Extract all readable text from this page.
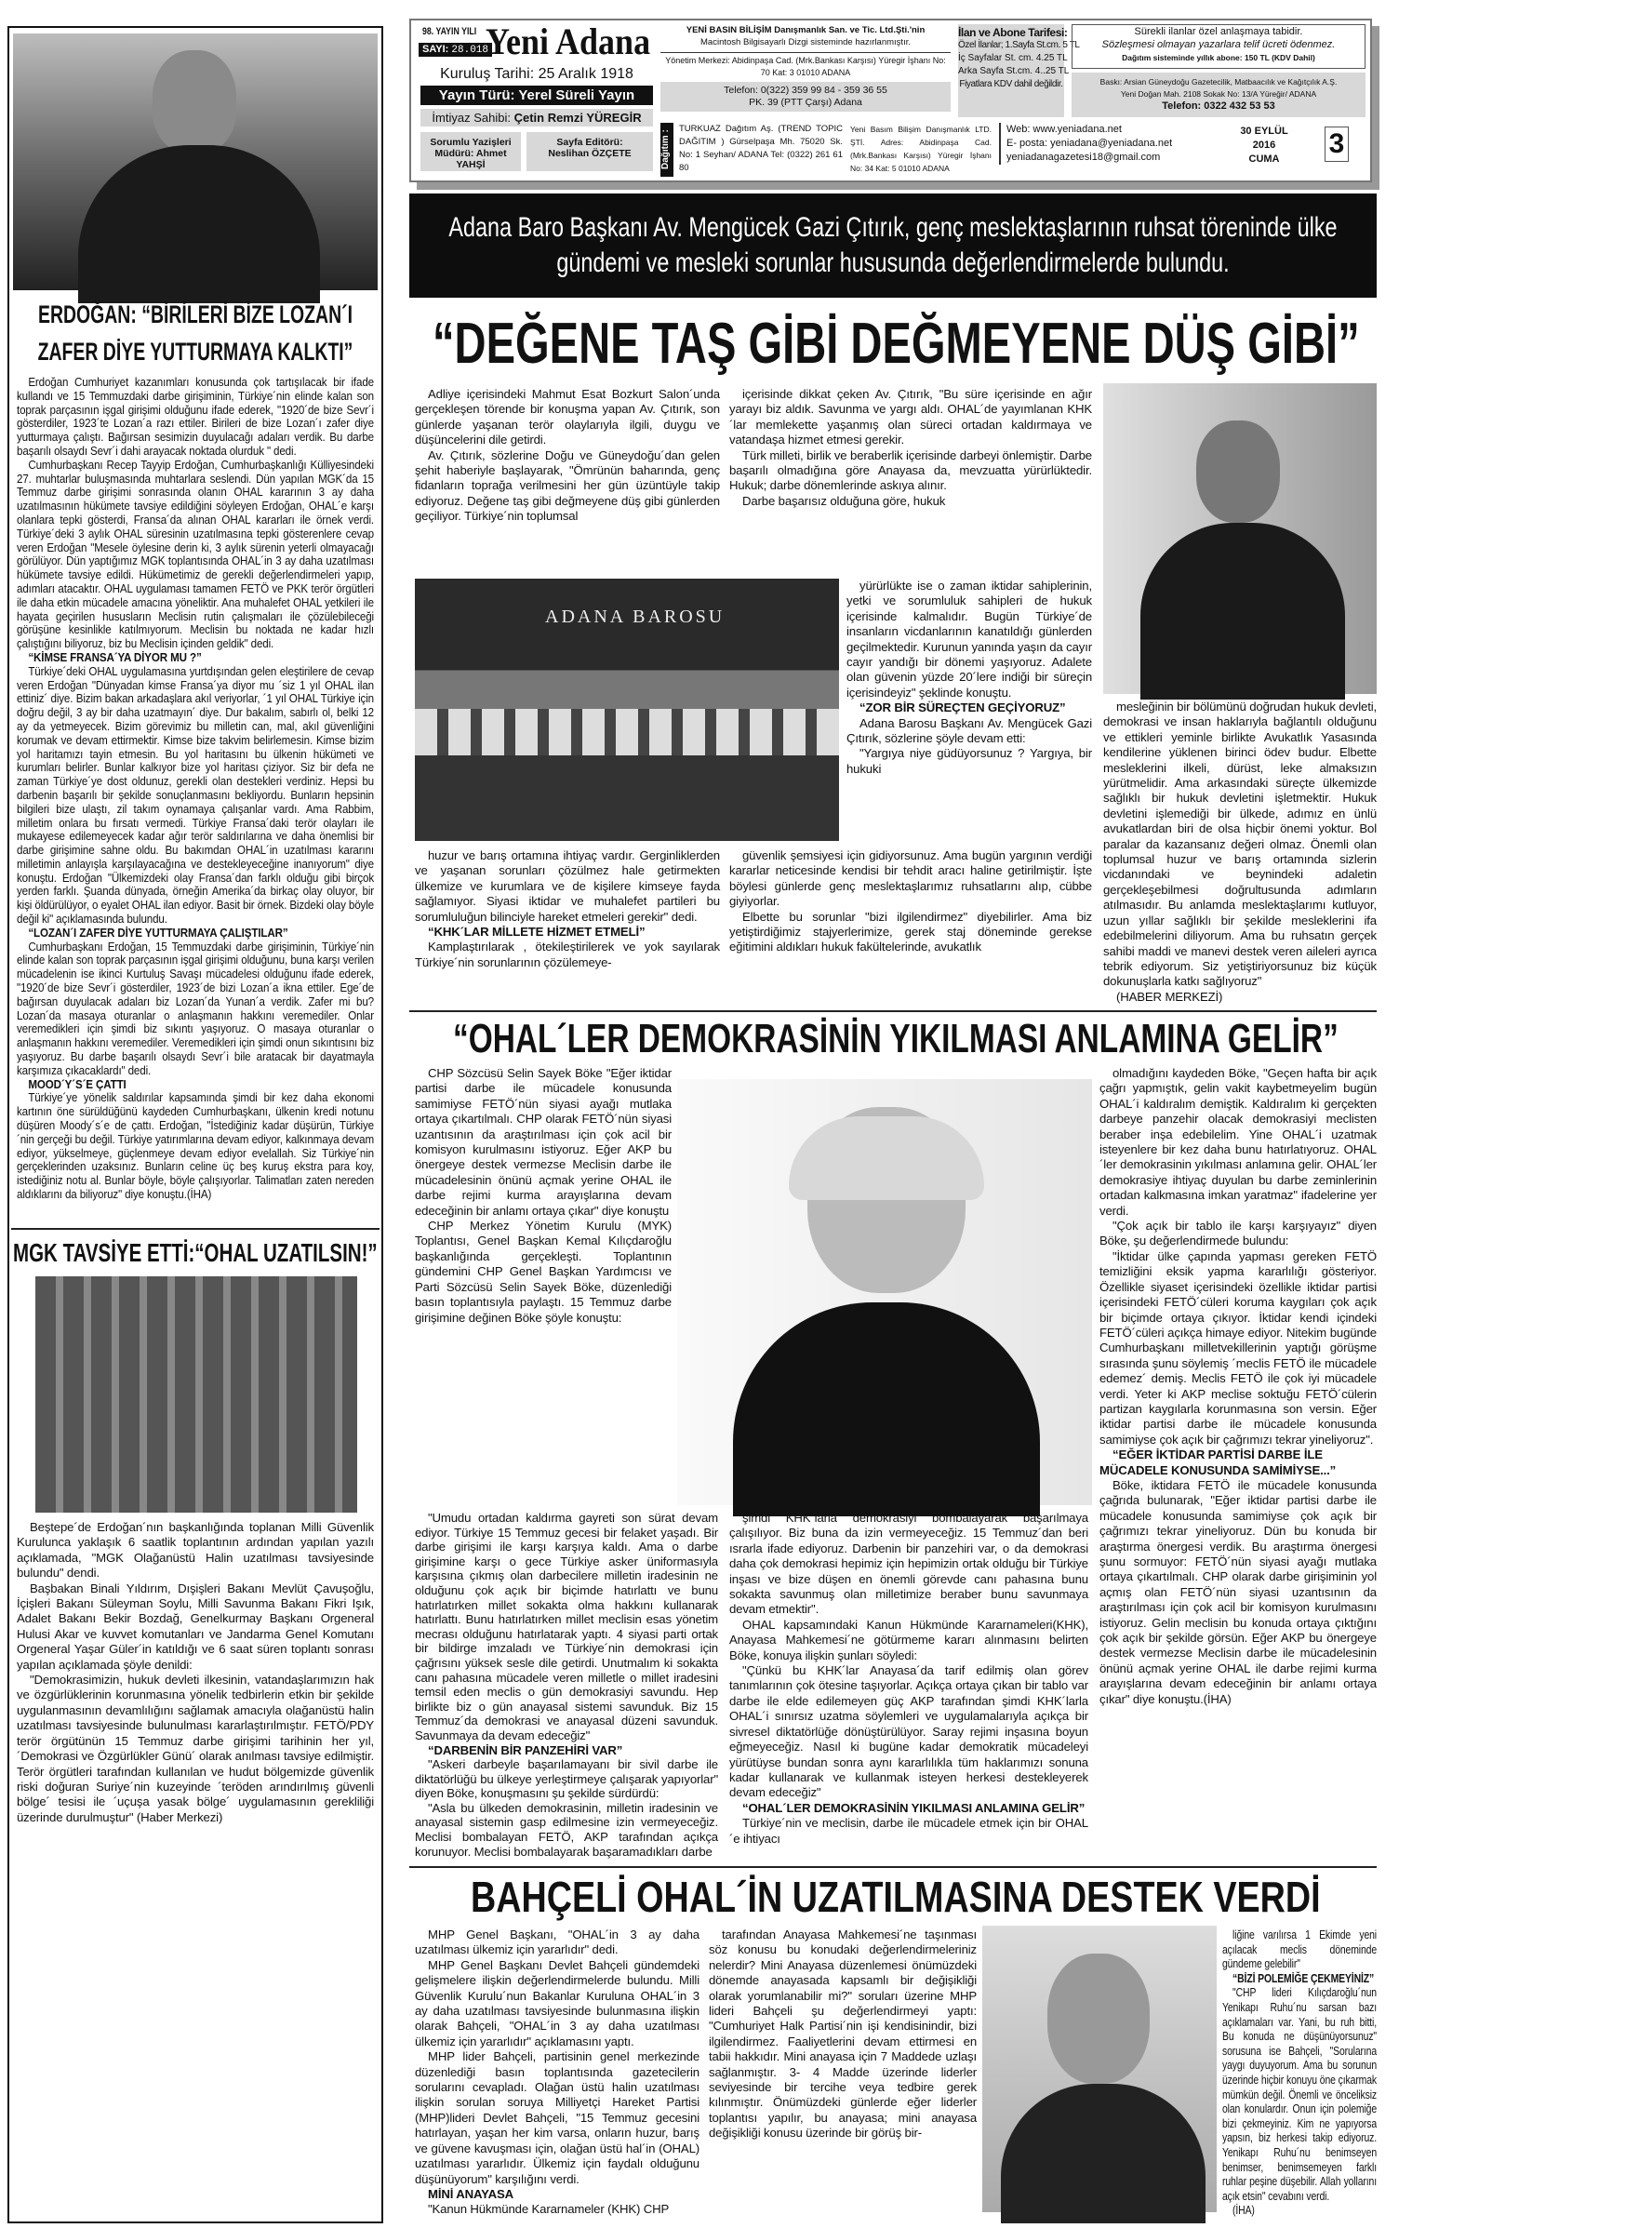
ERDOĞAN: “BİRİLERİ BİZE LOZAN´I ZAFER DİYE YUTTURMAYA KALKTI”

Erdoğan Cumhuriyet kazanımları konusunda çok tartışılacak bir ifade kullandı ve 15 Temmuzdaki darbe girişiminin, Türkiye´nin elinde kalan son toprak parçasının işgal girişimi olduğunu ifade ederek, "1920´de bize Sevr´i gösterdiler, 1923´te Lozan´a razı ettiler. Birileri de bize Lozan´ı zafer diye yutturmaya çalıştı. Bağırsan sesimizin duyulacağı adaları verdik. Bu darbe başarılı olsaydı Sevr´i dahi arayacak noktada olurduk " dedi.

Cumhurbaşkanı Recep Tayyip Erdoğan, Cumhurbaşkanlığı Külliyesindeki 27. muhtarlar buluşmasında muhtarlara seslendi. Dün yapılan MGK´da 15 Temmuz darbe girişimi sonrasında olanın OHAL kararının 3 ay daha uzatılmasının hükümete tavsiye edildiğini söyleyen Erdoğan, OHAL´e karşı olanlara tepki gösterdi, Fransa´da alınan OHAL kararları ile örnek verdi. Türkiye´deki 3 aylık OHAL süresinin uzatılmasına tepki gösterenlere cevap veren Erdoğan "Mesele öylesine derin ki, 3 aylık sürenin yeterli olmayacağı görülüyor. Dün yaptığımız MGK toplantısında OHAL´in 3 ay daha uzatılması hükümete tavsiye edildi. Hükümetimiz de gerekli değerlendirmeleri yapıp, adımları atacaktır. OHAL uygulaması tamamen FETÖ ve PKK terör örgütleri ile daha etkin mücadele amacına yöneliktir. Ana muhalefet OHAL yetkileri ile hayata geçirilen hususların Meclisin rutin çalışmaları ile çözülebileceği görüşüne kesinlikle katılmıyorum. Meclisin bu noktada ne kadar hızlı çalıştığını biliyoruz, biz bu Meclisin içinden geldik" dedi.

“KİMSE FRANSA´YA DİYOR MU ?”

Türkiye´deki OHAL uygulamasına yurtdışından gelen eleştirilere de cevap veren Erdoğan "Dünyadan kimse Fransa´ya diyor mu ´siz 1 yıl OHAL ilan ettiniz´ diye. Bizim bakan arkadaşlara akıl veriyorlar, ´1 yıl OHAL Türkiye için doğru değil, 3 ay bir daha uzatmayın´ diye. Dur bakalım, sabırlı ol, belki 12 ay da yetmeyecek. Bizim görevimiz bu milletin can, mal, akıl güvenliğini korumak ve devam ettirmektir. Kimse bize takvim belirlemesin. Kimse bizim yol haritamızı tayin etmesin. Bu yol haritasını bu ülkenin hükümeti ve kurumları belirler. Bunlar kalkıyor bize yol haritası çiziyor. Siz bir defa ne zaman Türkiye´ye dost oldunuz, gerekli olan destekleri verdiniz. Hepsi bu darbenin başarılı bir şekilde sonuçlanmasını bekliyordu. Bunların hepsinin bilgileri bize ulaştı, zil takım oynamaya çalışanlar vardı. Ama Rabbim, milletim onlara bu fırsatı vermedi. Türkiye Fransa´daki terör olayları ile mukayese edilemeyecek kadar ağır terör saldırılarına ve daha önemlisi bir darbe girişimine sahne oldu. Bu bakımdan OHAL´in uzatılması kararını milletimin anlayışla karşılayacağına ve destekleyeceğine inanıyorum" diye konuştu. Erdoğan "Ülkemizdeki olay Fransa´dan farklı olduğu gibi birçok yerden farklı. Şuanda dünyada, örneğin Amerika´da birkaç olay oluyor, bir kişi öldürülüyor, o eyalet OHAL ilan ediyor. Basit bir örnek. Bizdeki olay böyle değil ki" açıklamasında bulundu.

“LOZAN´I ZAFER DİYE YUTTURMAYA ÇALIŞTILAR”

Cumhurbaşkanı Erdoğan, 15 Temmuzdaki darbe girişiminin, Türkiye´nin elinde kalan son toprak parçasının işgal girişimi olduğunu, buna karşı verilen mücadelenin ise ikinci Kurtuluş Savaşı mücadelesi olduğunu ifade ederek, "1920´de bize Sevr´i gösterdiler, 1923´de bizi Lozan´a ikna ettiler. Ege´de bağırsan duyulacak adaları biz Lozan´da Yunan´a verdik. Zafer mi bu? Lozan´da masaya oturanlar o anlaşmanın hakkını veremediler. Onlar veremedikleri için şimdi biz sıkıntı yaşıyoruz. O masaya oturanlar o anlaşmanın hakkını veremediler. Veremedikleri için şimdi onun sıkıntısını biz yaşıyoruz. Bu darbe başarılı olsaydı Sevr´i bile aratacak bir dayatmayla karşımıza çıkacaklardı" dedi.

MOOD´Y´S´E ÇATTI

Türkiye´ye yönelik saldırılar kapsamında şimdi bir kez daha ekonomi kartının öne sürüldüğünü kaydeden Cumhurbaşkanı, ülkenin kredi notunu düşüren Moody´s´e de çattı. Erdoğan, "İstediğiniz kadar düşürün, Türkiye´nin gerçeği bu değil. Türkiye yatırımlarına devam ediyor, kalkınmaya devam ediyor, yükselmeye, güçlenmeye devam ediyor evelallah. Siz Türkiye´nin gerçeklerinden uzaksınız. Bunların celine üç beş kuruş ekstra para koy, istediğiniz notu al. Bunlar böyle, böyle çalışıyorlar. Talimatları zaten nereden aldıklarını da biliyoruz" diye konuştu.(İHA)

MGK TAVSİYE ETTİ:“OHAL UZATILSIN!”

Beştepe´de Erdoğan´nın başkanlığında toplanan Milli Güvenlik Kurulunca yaklaşık 6 saatlik toplantının ardından yapılan yazılı açıklamada, "MGK Olağanüstü Halin uzatılması tavsiyesinde bulundu" dendi.

Başbakan Binali Yıldırım, Dışişleri Bakanı Mevlüt Çavuşoğlu, İçişleri Bakanı Süleyman Soylu, Milli Savunma Bakanı Fikri Işık, Adalet Bakanı Bekir Bozdağ, Genelkurmay Başkanı Orgeneral Hulusi Akar ve kuvvet komutanları ve Jandarma Genel Komutanı Orgeneral Yaşar Güler´in katıldığı ve 6 saat süren toplantı sonrası yapılan açıklamada şöyle denildi:

"Demokrasimizin, hukuk devleti ilkesinin, vatandaşlarımızın hak ve özgürlüklerinin korunmasına yönelik tedbirlerin etkin bir şekilde uygulanmasının devamlılığını sağlamak amacıyla olağanüstü halin uzatılması tavsiyesinde bulunulması kararlaştırılmıştır. FETÖ/PDY terör örgütünün 15 Temmuz darbe girişimi tarihinin her yıl, ´Demokrasi ve Özgürlükler Günü´ olarak anılması tavsiye edilmiştir. Terör örgütleri tarafından kullanılan ve hudut bölgemizde güvenlik riski doğuran Suriye´nin kuzeyinde ´teröden arındırılmış güvenli bölge´ tesisi ile ´uçuşa yasak bölge´ uygulamasının gerekliliği üzerinde durulmuştur" (Haber Merkezi)

98. YAYIN YILI
SAYI: 28.018
Yeni Adana
Kuruluş Tarihi: 25 Aralık 1918
Yayın Türü: Yerel Süreli Yayın
İmtiyaz Sahibi: Çetin Remzi YÜREGİR
Sorumlu Yazişleri Müdürü: Ahmet YAHŞİ
Sayfa Editörü: Neslihan ÖZÇETE
YENİ BASIN BİLİŞİM Danışmanlık San. ve Tic. Ltd.Şti.'nin
Macintosh Bilgisayarlı Dizgi sisteminde hazırlanmıştır.
Yönetim Merkezi: Abidinpaşa Cad. (Mrk.Bankası Karşısı) Yüregir İşhanı No: 70 Kat: 3 01010 ADANA
Telefon: 0(322) 359 99 84 - 359 36 55
PK. 39 (PTT Çarşı) Adana
Dağıtım :
TURKUAZ Dağıtım Aş. (TREND TOPIC DAĞITIM ) Gürselpaşa Mh. 75020 Sk. No: 1 Seyhan/ ADANA Tel: (0322) 261 61 80
Yeni Basım Bilişim Danışmanlık LTD. ŞTİ. Adres: Abidinpaşa Cad. (Mrk.Bankası Karşısı) Yüregir İşhanı No: 34 Kat: 5 01010 ADANA
İlan ve Abone Tarifesi:
Özel İlanlar; 1.Sayfa St.cm. 5 TL
İç Sayfalar St. cm. 4.25 TL
Arka Sayfa St.cm. 4..25 TL
Fiyatlara KDV dahil değildir.
Sürekli ilanlar özel anlaşmaya tabidir.
Sözleşmesi olmayan yazarlara telif ücreti ödenmez.
Dağıtım sisteminde yıllık abone: 150 TL (KDV Dahil)
Baskı: Arsian Güneydoğu Gazetecilik, Matbaacılık ve Kağıtçılık A.Ş.
Yeni Doğan Mah. 2108 Sokak No: 13/A Yüreğir/ ADANA
Telefon: 0322 432 53 53
Web: www.yeniadana.net
E- posta: yeniadana@yeniadana.net
yeniadanagazetesi18@gmail.com
30 EYLÜL
2016
CUMA	3
Adana Baro Başkanı Av. Mengücek Gazi Çıtırık, genç meslektaşlarının ruhsat töreninde ülke gündemi ve mesleki sorunlar hususunda değerlendirmelerde bulundu.
“DEĞENE TAŞ GİBİ DEĞMEYENE DÜŞ GİBİ”

Adliye içerisindeki Mahmut Esat Bozkurt Salon´unda gerçekleşen törende bir konuşma yapan Av. Çıtırık, son günlerde yaşanan terör olaylarıyla ilgili, duygu ve düşüncelerini dile getirdi.

Av. Çıtırık, sözlerine Doğu ve Güneydoğu´dan gelen şehit haberiyle başlayarak, "Ömrünün baharında, genç fidanların toprağa verilmesini her gün üzüntüyle takip ediyoruz. Değene taş gibi değmeyene düş gibi günlerden geçiliyor. Türkiye´nin toplumsal

içerisinde dikkat çeken Av. Çıtırık, "Bu süre içerisinde en ağır yarayı biz aldık. Savunma ve yargı aldı. OHAL´de yayımlanan KHK´lar memlekette yaşanmış olan süreci ortadan kaldırmaya ve vatandaşa hizmet etmesi gerekir.

Türk milleti, birlik ve beraberlik içerisinde darbeyi önlemiştir. Darbe başarılı olmadığına göre Anayasa da, mevzuatta yürürlüktedir. Hukuk; darbe dönemlerinde askıya alınır.

Darbe başarısız olduğuna göre, hukuk

yürürlükte ise o zaman iktidar sahiplerinin, yetki ve sorumluluk sahipleri de hukuk içerisinde kalmalıdır. Bugün Türkiye´de insanların vicdanlarının kanatıldığı günlerden geçilmektedir. Kurunun yanında yaşın da cayır cayır yandığı bir dönemi yaşıyoruz. Adalete olan güvenin yüzde 20´lere indiği bir süreçin içerisindeyiz" şeklinde konuştu.

“ZOR BİR SÜREÇTEN GEÇİYORUZ”

Adana Barosu Başkanı Av. Mengücek Gazi Çıtırık, sözlerine şöyle devam etti:

"Yargıya niye güdüyorsunuz ? Yargıya, bir hukuki

ADANA BAROSU

huzur ve barış ortamına ihtiyaç vardır. Gerginliklerden ve yaşanan sorunları çözülmez hale getirmekten ülkemize ve kurumlara ve de kişilere kimseye fayda sağlamıyor. Siyasi iktidar ve muhalefet partileri bu sorumluluğun bilinciyle hareket etmeleri gerekir" dedi.

“KHK´LAR MİLLETE HİZMET ETMELİ”

Kamplaştırılarak , ötekileştirilerek ve yok sayılarak Türkiye´nin sorunlarının çözülemeye-

güvenlik şemsiyesi için gidiyorsunuz. Ama bugün yargının verdiği kararlar neticesinde kendisi bir tehdit aracı haline getirilmiştir. İşte böylesi günlerde genç meslektaşlarımız ruhsatlarını alıp, cübbe giyiyorlar.

Elbette bu sorunlar "bizi ilgilendirmez" diyebilirler. Ama biz yetiştirdiğimiz stajyerlerimize, gerek staj döneminde gerekse eğitimini aldıkları hukuk fakültelerinde, avukatlık

mesleğinin bir bölümünü doğrudan hukuk devleti, demokrasi ve insan haklarıyla bağlantılı olduğunu ve ettikleri yeminle birlikte Avukatlık Yasasında kendilerine yüklenen birinci ödev budur. Elbette mesleklerini ilkeli, dürüst, leke almaksızın yürütmelidir. Ama arkasındaki süreçte ülkemizde sağlıklı bir hukuk devletini işletmektir. Hukuk devletini işlemediği bir ülkede, adımız en ünlü avukatlardan biri de olsa hiçbir önemi yoktur. Bol paralar da kazansanız değeri olmaz. Önemli olan toplumsal huzur ve barış ortamında sizlerin vicdanındaki ve beynindeki adaletin gerçekleşebilmesi doğrultusunda adımların atılmasıdır. Bu anlamda meslektaşlarımı kutluyor, uzun yıllar sağlıklı bir şekilde mesleklerini ifa edebilmelerini diliyorum. Ama bu ruhsatın gerçek sahibi maddi ve manevi destek veren aileleri ayrıca tebrik ediyorum. Siz yetiştiriyorsunuz biz küçük dokunuşlarla katkı sağlıyoruz"

(HABER MERKEZİ)

“OHAL´LER DEMOKRASİNİN YIKILMASI ANLAMINA GELİR”

CHP Sözcüsü Selin Sayek Böke "Eğer iktidar partisi darbe ile mücadele konusunda samimiyse FETÖ´nün siyasi ayağı mutlaka ortaya çıkartılmalı. CHP olarak FETÖ´nün siyasi uzantısının da araştırılması için çok acil bir komisyon kurulmasını istiyoruz. Eğer AKP bu önergeye destek vermezse Meclisin darbe ile mücadelesinin önünü açmak yerine OHAL ile darbe rejimi kurma arayışlarına devam edeceğinin bir anlamı ortaya çıkar" diye konuştu

CHP Merkez Yönetim Kurulu (MYK) Toplantısı, Genel Başkan Kemal Kılıçdaroğlu başkanlığında gerçekleşti. Toplantının gündemini CHP Genel Başkan Yardımcısı ve Parti Sözcüsü Selin Sayek Böke, düzenlediği basın toplantısıyla paylaştı. 15 Temmuz darbe girişimine değinen Böke şöyle konuştu:

"Umudu ortadan kaldırma gayreti son sürat devam ediyor. Türkiye 15 Temmuz gecesi bir felaket yaşadı. Bir darbe girişimi ile karşı karşıya kaldı. Ama o darbe girişimine karşı o gece Türkiye asker üniformasıyla karşısına çıkmış olan darbecilere milletin iradesinin ne olduğunu çok açık bir biçimde hatırlattı ve bunu hatırlatırken millet sokakta olma hakkını kullanarak hatırlattı. Bunu hatırlatırken millet meclisin esas yönetim mecrası olduğunu hatırlatarak yaptı. 4 siyasi parti ortak bir bildirge imzaladı ve Türkiye´nin demokrasi için çağrısını yüksek sesle dile getirdi. Unutmalım ki sokakta canı pahasına mücadele veren milletle o millet iradesini temsil eden meclis o gün demokrasiyi savundu. Hep birlikte biz o gün anayasal sistemi savunduk. Biz 15 Temmuz´da demokrasi ve anayasal düzeni savunduk. Savunmaya da devam edeceğiz"

“DARBENİN BİR PANZEHİRİ VAR”

"Askeri darbeyle başarılamayanı bir sivil darbe ile diktatörlüğü bu ülkeye yerleştirmeye çalışarak yapıyorlar" diyen Böke, konuşmasını şu şekilde sürdürdü:

"Asla bu ülkeden demokrasinin, milletin iradesinin ve anayasal sistemin gasp edilmesine izin vermeyeceğiz. Meclisi bombalayan FETÖ, AKP tarafından açıkça korunuyor. Meclisi bombalayarak başaramadıkları darbe

şimdi KHK´larla demokrasiyi bombalayarak başarılmaya çalışılıyor. Biz buna da izin vermeyeceğiz. 15 Temmuz´dan beri ısrarla ifade ediyoruz. Darbenin bir panzehiri var, o da demokrasi daha çok demokrasi hepimiz için hepimizin ortak olduğu bir Türkiye inşası ve bize düşen en önemli görevde canı pahasına bunu sokakta savunmuş olan milletimize beraber bunu savunmaya devam etmektir".

OHAL kapsamındaki Kanun Hükmünde Kararnameleri(KHK), Anayasa Mahkemesi´ne götürmeme kararı alınmasını belirten Böke, konuya ilişkin şunları söyledi:

"Çünkü bu KHK´lar Anayasa´da tarif edilmiş olan görev tanımlarının çok ötesine taşıyorlar. Açıkça ortaya çıkan bir tablo var darbe ile elde edilemeyen güç AKP tarafından şimdi KHK´larla OHAL´i sınırsız uzatma söylemleri ve uygulamalarıyla açıkça bir sivresel diktatörlüğe dönüştürülüyor. Saray rejimi inşasına boyun eğmeyeceğiz. Nasıl ki bugüne kadar demokratik mücadeleyi yürütüyse bundan sonra aynı kararlılıkla tüm haklarımızı sonuna kadar kullanarak ve kullanmak isteyen herkesi destekleyerek devam edeceğiz"

“OHAL´LER DEMOKRASİNİN YIKILMASI ANLAMINA GELİR”

Türkiye´nin ve meclisin, darbe ile mücadele etmek için bir OHAL´e ihtiyacı

olmadığını kaydeden Böke, "Geçen hafta bir açık çağrı yapmıştık, gelin vakit kaybetmeyelim bugün OHAL´i kaldıralım demiştik. Kaldıralım ki gerçekten darbeye panzehir olacak demokrasiyi meclisten beraber inşa edebilelim. Yine OHAL´i uzatmak isteyenlere bir kez daha bunu hatırlatıyoruz. OHAL´ler demokrasinin yıkılması anlamına gelir. OHAL´ler demokrasiye ihtiyaç duyulan bu darbe zeminlerinin ortadan kalkmasına imkan yaratmaz" ifadelerine yer verdi.

"Çok açık bir tablo ile karşı karşıyayız" diyen Böke, şu değerlendirmede bulundu:

"İktidar ülke çapında yapması gereken FETÖ temizliğini eksik yapma kararlılığı gösteriyor. Özellikle siyaset içerisindeki özellikle iktidar partisi içerisindeki FETÖ´cüleri koruma kaygıları çok açık bir biçimde ortaya çıkıyor. İktidar kendi içindeki FETÖ´cüleri açıkça himaye ediyor. Nitekim bugünde Cumhurbaşkanı milletvekillerinin yaptığı görüşme sırasında şunu söylemiş ´meclis FETÖ ile mücadele edemez´ demiş. Meclis FETÖ ile çok iyi mücadele verdi. Yeter ki AKP meclise soktuğu FETÖ´cülerin partizan kaygılarla korunmasına son versin. Eğer iktidar partisi darbe ile mücadele konusunda samimiyse çok açık bir çağrımızı tekrar yineliyoruz".

“EĞER İKTİDAR PARTİSİ DARBE İLE MÜCADELE KONUSUNDA SAMİMİYSE...”

Böke, iktidara FETÖ ile mücadele konusunda çağrıda bulunarak, "Eğer iktidar partisi darbe ile mücadele konusunda samimiyse çok açık bir çağrımızı tekrar yineliyoruz. Dün bu konuda bir araştırma önergesi verdik. Bu araştırma önergesi şunu sormuyor: FETÖ´nün siyasi ayağı mutlaka ortaya çıkartılmalı. CHP olarak darbe girişiminin yol açmış olan FETÖ´nün siyasi uzantısının da araştırılması için çok acil bir komisyon kurulmasını istiyoruz. Gelin meclisin bu konuda ortaya çıktığını çok açık bir şekilde görsün. Eğer AKP bu önergeye destek vermezse Meclisin darbe ile mücadelesinin önünü açmak yerine OHAL ile darbe rejimi kurma arayışlarına devam edeceğinin bir anlamı ortaya çıkar" diye konuştu.(İHA)

BAHÇELİ OHAL´İN UZATILMASINA DESTEK VERDİ

MHP Genel Başkanı, "OHAL´in 3 ay daha uzatılması ülkemiz için yararlıdır" dedi.

MHP Genel Başkanı Devlet Bahçeli gündemdeki gelişmelere ilişkin değerlendirmelerde bulundu. Milli Güvenlik Kurulu´nun Bakanlar Kuruluna OHAL´in 3 ay daha uzatılması tavsiyesinde bulunmasına ilişkin olarak Bahçeli, "OHAL´in 3 ay daha uzatılması ülkemiz için yararlıdır" açıklamasını yaptı.

MHP lider Bahçeli, partisinin genel merkezinde düzenlediği basın toplantısında gazetecilerin sorularını cevapladı. Olağan üstü halin uzatılması ilişkin sorulan soruya Milliyetçi Hareket Partisi (MHP)lideri Devlet Bahçeli, "15 Temmuz gecesini hatırlayan, yaşan her kim varsa, onların huzur, barış ve güvene kavuşması için, olağan üstü hal´in (OHAL) uzatılması yararlıdır. Ülkemiz için faydalı olduğunu düşünüyorum" karşılığını verdi.

MİNİ ANAYASA

"Kanun Hükmünde Kararnameler (KHK) CHP

tarafından Anayasa Mahkemesi´ne taşınması söz konusu bu konudaki değerlendirmeleriniz nelerdir? Mini Anayasa düzenlemesi önümüzdeki dönemde anayasada kapsamlı bir değişikliği olarak yorumlanabilir mi?" soruları üzerine MHP lideri Bahçeli şu değerlendirmeyi yaptı: "Cumhuriyet Halk Partisi´nin işi kendisinindir, bizi ilgilendirmez. Faaliyetlerini devam ettirmesi en tabii hakkıdır. Mini anayasa için 7 Maddede uzlaşı sağlanmıştır. 3- 4 Madde üzerinde liderler seviyesinde bir tercihe veya tedbire gerek kılınmıştır. Önümüzdeki günlerde eğer liderler toplantısı yapılır, bu anayasa; mini anayasa değişikliği konusu üzerinde bir görüş bir-

liğine varılırsa 1 Ekimde yeni açılacak meclis döneminde gündeme gelebilir"

“BİZİ POLEMİĞE ÇEKMEYİNİZ”

"CHP lideri Kılıçdaroğlu´nun Yenikapı Ruhu´nu sarsan bazı açıklamaları var. Yani, bu ruh bitti, Bu konuda ne düşünüyorsunuz" sorusuna ise Bahçeli, "Sorularına yaygı duyuyorum. Ama bu sorunun üzerinde hiçbir konuyu öne çıkarmak mümkün değil. Önemli ve önceliksiz olan konulardır. Onun için polemiğe bizi çekmeyiniz. Kim ne yapıyorsa yapsın, biz herkesi takip ediyoruz. Yenikapı Ruhu´nu benimseyen benimser, benimsemeyen farklı ruhlar peşine düşebilir. Allah yollarını açık etsin" cevabını verdi.

(İHA)
